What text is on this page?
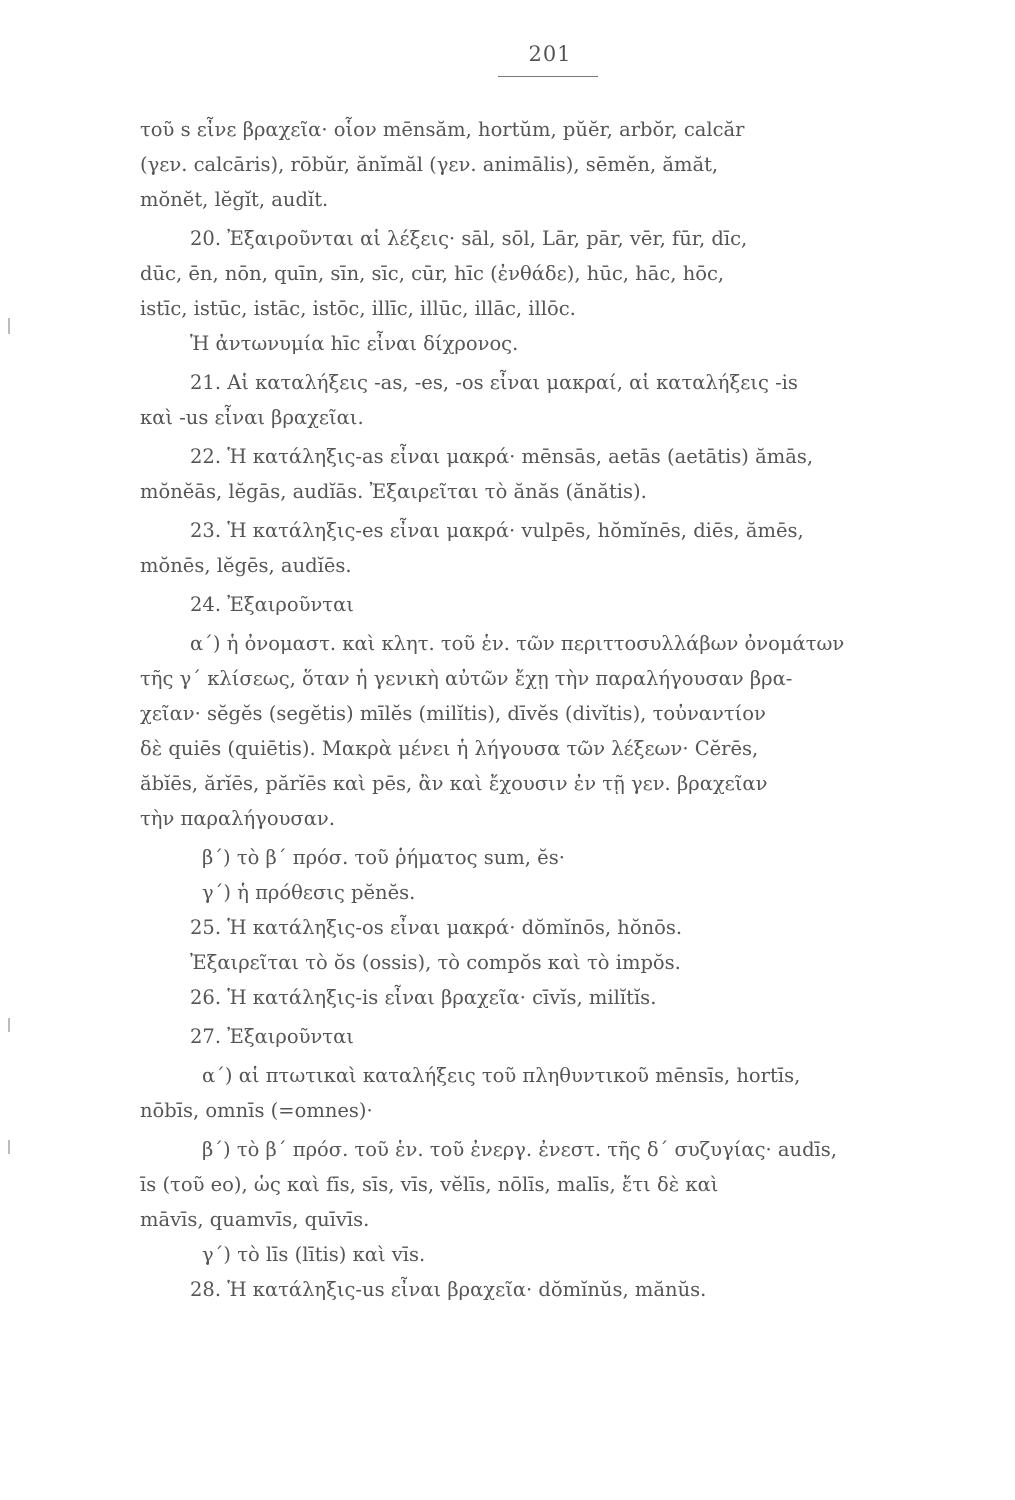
201
τοῦ s εἶνε βραχεῖα· οἷον mēnsăm, hortŭm, pŭĕr, arbŏr, calcăr
(γεν. calcāris), rōbŭr, ănĭmăl (γεν. animālis), sēmĕn, ămăt,
mŏnĕt, lĕgĭt, audĭt.
20. Ἐξαιροῦνται αἱ λέξεις· sāl, sōl, Lār, pār, vēr, fūr, dīc,
dūc, ēn, nōn, quīn, sīn, sīc, cūr, hīc (ἐνθάδε), hūc, hāc, hōc,
istīc, istūc, istāc, istōc, illīc, illūc, illāc, illōc.
Ἡ ἀντωνυμία hīc εἶναι δίχρονος.
21. Αἱ καταλήξεις -as, -es, -os εἶναι μακραί, αἱ καταλήξεις -is
καὶ -us εἶναι βραχεῖαι.
22. Ἡ κατάληξις-as εἶναι μακρά· mēnsās, aetās (aetātis) ămās,
mŏnĕās, lĕgās, audĭās. Ἐξαιρεῖται τὸ ănăs (ănătis).
23. Ἡ κατάληξις-es εἶναι μακρά· vulpēs, hŏmĭnēs, diēs, ămēs,
mŏnēs, lĕgēs, audĭēs.
24. Ἐξαιροῦνται
α΄) ἡ ὀνομαστ. καὶ κλητ. τοῦ ἑν. τῶν περιττοσυλλάβων ὀνομάτων
τῆς γ΄ κλίσεως, ὅταν ἡ γενικὴ αὐτῶν ἔχῃ τὴν παραλήγουσαν βρα-
χεῖαν· sĕgĕs (segĕtis) mīlĕs (milĭtis), dīvĕs (divĭtis), τοὐναντίον
δὲ quiēs (quiētis). Μακρὰ μένει ἡ λήγουσα τῶν λέξεων· Cĕrēs,
ăbĭēs, ărĭēs, părĭēs καὶ pēs, ἂν καὶ ἔχουσιν ἐν τῇ γεν. βραχεῖαν
τὴν παραλήγουσαν.
β΄) τὸ β΄ πρόσ. τοῦ ῥήματος sum, ĕs·
γ΄) ἡ πρόθεσις pĕnĕs.
25. Ἡ κατάληξις-os εἶναι μακρά· dŏmĭnōs, hŏnōs.
Ἐξαιρεῖται τὸ ŏs (ossis), τὸ compŏs καὶ τὸ impŏs.
26. Ἡ κατάληξις-is εἶναι βραχεῖα· cīvĭs, milĭtĭs.
27. Ἐξαιροῦνται
α΄) αἱ πτωτικαὶ καταλήξεις τοῦ πληθυντικοῦ mēnsīs, hortīs,
nōbīs, omnīs (=omnes)·
β΄) τὸ β΄ πρόσ. τοῦ ἑν. τοῦ ἐνεργ. ἐνεστ. τῆς δ΄ συζυγίας· audīs,
īs (τοῦ eo), ὡς καὶ fīs, sīs, vīs, vĕlīs, nōlīs, malīs, ἔτι δὲ καὶ
māvīs, quamvīs, quīvīs.
γ΄) τὸ līs (lītis) καὶ vīs.
28. Ἡ κατάληξις-us εἶναι βραχεῖα· dŏmĭnŭs, mănŭs.
